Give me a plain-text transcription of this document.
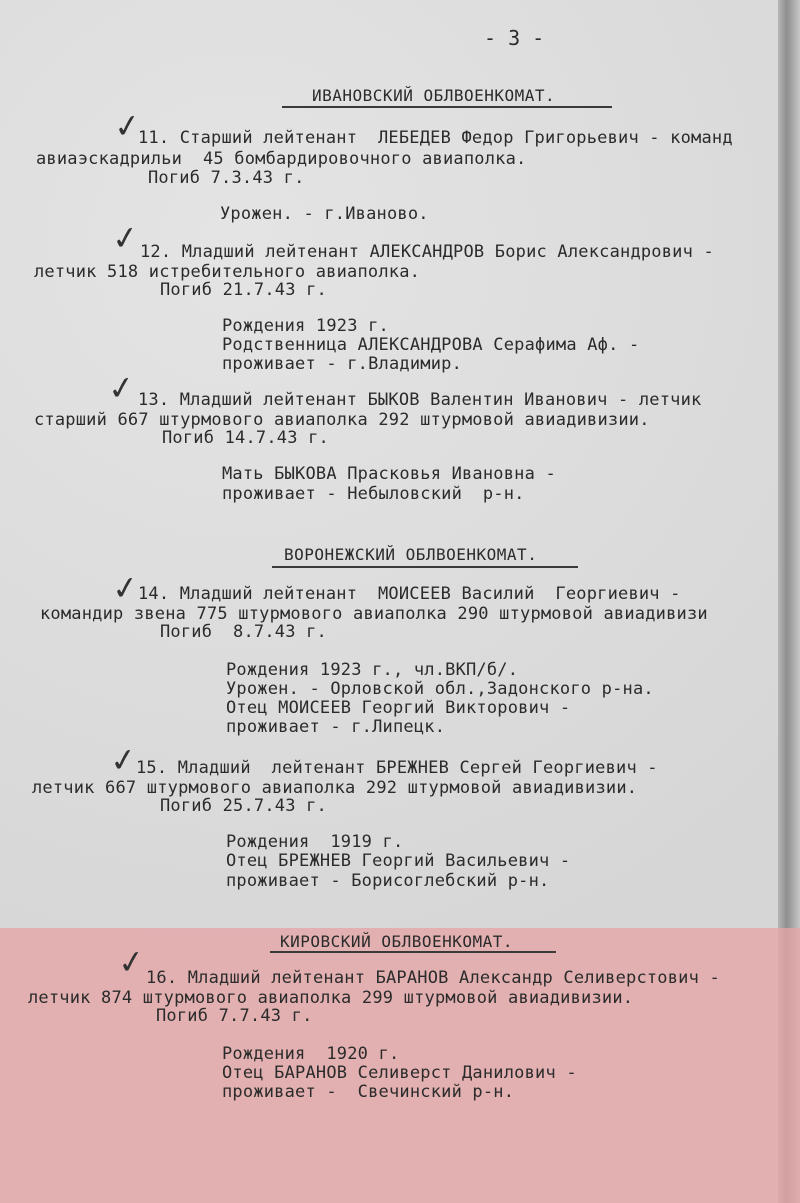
- 3 -
ИВАНОВСКИЙ ОБЛВОЕНКОМАТ.
✓
11. Старший лейтенант  ЛЕБЕДЕВ Федор Григорьевич - команд
авиаэскадрильи  45 бомбардировочного авиаполка.
Погиб 7.3.43 г.
Урожен. - г.Иваново.
✓
12. Младший лейтенант АЛЕКСАНДРОВ Борис Александрович -
летчик 518 истребительного авиаполка.
Погиб 21.7.43 г.
Рождения 1923 г.
Родственница АЛЕКСАНДРОВА Серафима Аф. -
проживает - г.Владимир.
✓ 13. Младший лейтенант БЫКОВ Валентин Иванович - летчик
старший 667 штурмового авиаполка 292 штурмовой авиадивизии.
Погиб 14.7.43 г.
Мать БЫКОВА Прасковья Ивановна -
проживает - Небыловский  р-н.
ВОРОНЕЖСКИЙ ОБЛВОЕНКОМАТ.
✓
14. Младший лейтенант  МОИСЕЕВ Василий  Георгиевич -
командир звена 775 штурмового авиаполка 290 штурмовой авиадивизи
Погиб  8.7.43 г.
Рождения 1923 г., чл.ВКП/б/.
Урожен. - Орловской обл.,Задонского р-на.
Отец МОИСЕЕВ Георгий Викторович -
проживает - г.Липецк.
✓
15. Младший  лейтенант БРЕЖНЕВ Сергей Георгиевич -
летчик 667 штурмового авиаполка 292 штурмовой авиадивизии.
Погиб 25.7.43 г.
Рождения  1919 г.
Отец БРЕЖНЕВ Георгий Васильевич -
проживает - Борисоглебский р-н.
КИРОВСКИЙ ОБЛВОЕНКОМАТ.
✓
16. Младший лейтенант БАРАНОВ Александр Селиверстович -
летчик 874 штурмового авиаполка 299 штурмовой авиадивизии.
Погиб 7.7.43 г.
Рождения  1920 г.
Отец БАРАНОВ Селиверст Данилович -
проживает -  Свечинский р-н.
